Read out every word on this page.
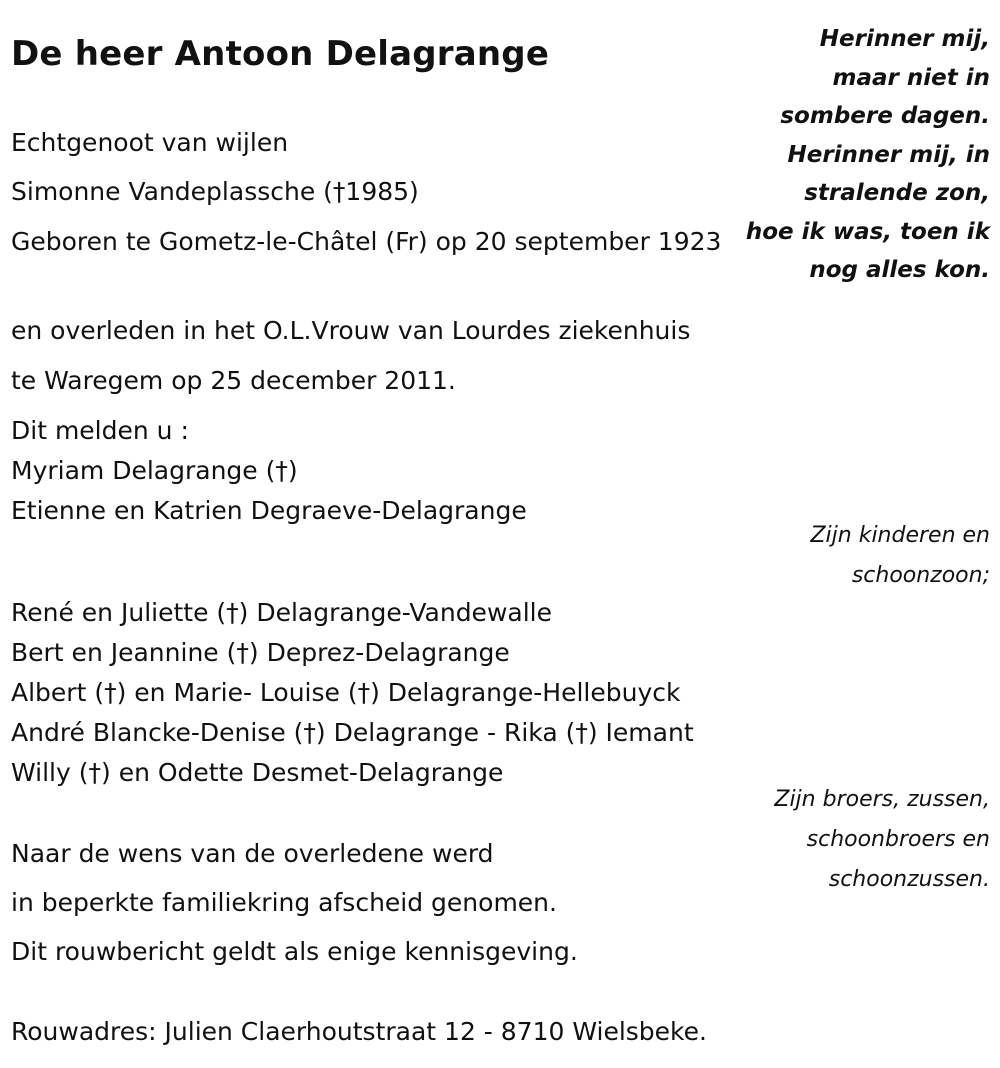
De heer Antoon Delagrange
Echtgenoot van wijlen
Simonne Vandeplassche (†1985)
Geboren te Gometz-le-Châtel (Fr) op 20 september 1923
en overleden in het O.L.Vrouw van Lourdes ziekenhuis
te Waregem op 25 december 2011.
Dit melden u :
Myriam Delagrange (†)
Etienne en Katrien Degraeve-Delagrange
René en Juliette (†) Delagrange-Vandewalle
Bert en Jeannine (†) Deprez-Delagrange
Albert (†) en Marie- Louise (†) Delagrange-Hellebuyck
André Blancke-Denise (†) Delagrange - Rika (†) Iemant
Willy (†) en Odette Desmet-Delagrange
Naar de wens van de overledene werd
in beperkte familiekring afscheid genomen.
Dit rouwbericht geldt als enige kennisgeving.
Rouwadres: Julien Claerhoutstraat 12 - 8710 Wielsbeke.
Herinner mij,
maar niet in
sombere dagen.
Herinner mij, in
stralende zon,
hoe ik was, toen ik
nog alles kon.
Zijn kinderen en
schoonzoon;
Zijn broers, zussen,
schoonbroers en
schoonzussen.
